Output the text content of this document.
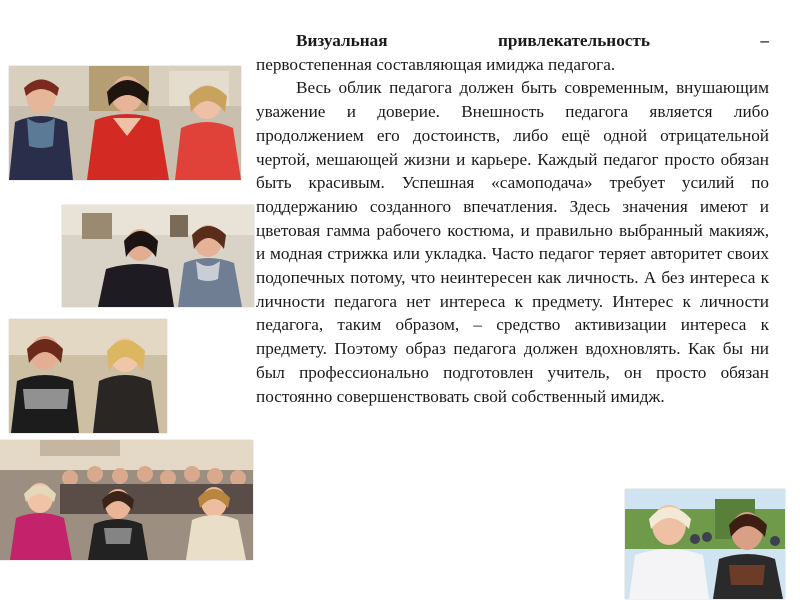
Визуальная	привлекательность	–

первостепенная составляющая имиджа педагога.

Весь облик педагога должен быть современным, внушающим уважение и доверие. Внешность педагога является либо продолжением его достоинств, либо ещё одной отрицательной чертой, мешающей жизни и карьере. Каждый педагог просто обязан быть красивым. Успешная «самоподача» требует усилий по поддержанию созданного впечатления. Здесь значения имеют и цветовая гамма рабочего костюма, и правильно выбранный макияж, и модная стрижка или укладка. Часто педагог теряет авторитет своих подопечных потому, что неинтересен как личность. А без интереса к личности педагога нет интереса к предмету. Интерес к личности педагога, таким образом, – средство активизации интереса к предмету. Поэтому образ педагога должен вдохновлять. Как бы ни был профессионально подготовлен учитель, он просто обязан постоянно совершенствовать свой собственный имидж.
